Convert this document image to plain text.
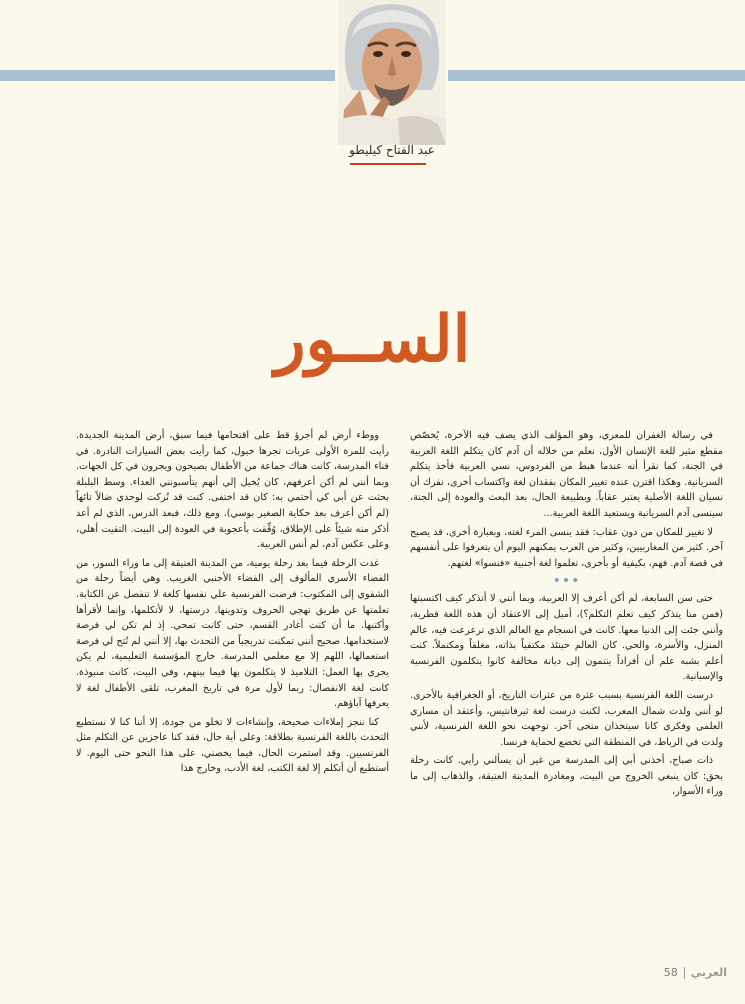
عبد الفتاح كيليطو
الســور

في رسالة الغفران للمعري، وهو المؤلف الذي يصف فيه الآخرة، يُخصّص مقطع مثير للغة الإنسان الأول، نعلم من خلاله أن آدم كان يتكلم اللغة العربية في الجنة، كما نقرأ أنه عندما هبط من الفردوس، نسي العربية فأخذ يتكلم السريانية. وهكذا اقترن عنده تغيير المكان بفقدان لغة واكتساب أخرى، نفرك أن نسيان اللغة الأصلية يعتبر عقاباً. وبطبيعة الحال، بعد البعث والعودة إلى الجنة، سينسى آدم السريانية ويستعيد اللغة العربية...

لا تغيير للمكان من دون عقاب: فقد ينسى المرء لغته، وبعبارة أخرى، قد يصبح آخر. كثير من المغاربيين، وكثير من العرب يمكنهم اليوم أن يتعرفوا على أنفسهم في قصة آدم. فهم، بكيفية أو بأخرى، تعلموا لغة أجنبية «فنسوا» لغتهم.

•••

حتى سن السابعة، لم أكن أعرف إلا العربية، وبما أنني لا أتذكر كيف اكتسبتها (فمن منا يتذكر كيف تعلم التكلم؟)، أميل إلى الاعتقاد أن هذه اللغة فطرية، وأنني جئت إلى الدنيا معها. كانت في انسجام مع العالم الذي ترعرعت فيه، عالم المنزل، والأسرة، والحي. كان العالم حينئذ مكتفياً بذاته، مغلقاً ومكتملاً. كنت أعلم بشبه علم أن أفراداً ينتمون إلى ديانة مخالفة كانوا يتكلمون الفرنسية والإسبانية.

درست اللغة الفرنسية بسبب عثرة من عثرات التاريخ، أو الجغرافية بالأحرى. لو أنني ولدت شمال المغرب، لكنت درست لغة ثيرفانتيس، وأعتقد أن مساري العلمي وفكري كانا سيتخذان منحى آخر. توجهت نحو اللغة الفرنسية، لأنني ولدت في الرباط، في المنطقة التي تخضع لحماية فرنسا.

ذات صباح، أخذني أبي إلى المدرسة من غير أن يسألني رأيي. كانت رحلة بحق: كان ينبغي الخروج من البيت، ومغادرة المدينة العتيقة، والذهاب إلى ما وراء الأسوار،

ووطء أرض لم أجرؤ قط على اقتحامها فيما سبق، أرض المدينة الجديدة. رأيت للمرة الأولى عربات تجرها خيول، كما رأيت بعض السيارات النادرة. في فناء المدرسة، كانت هناك جماعة من الأطفال يصيحون ويجرون في كل الجهات. وبما أنني لم أكن أعرفهم، كان يُخيل إلي أنهم يتأسبونني العداء. وسط البلبلة بحثت عن أبي كي أحتمي به: كان قد اختفى. كنت قد تُركت لوحدي ضالاً تائهاً (لم أكن أعرف بعد حكاية الصغير بوسي). ومع ذلك، فبعد الدرس، الذي لم أعد أذكر منه شيئاً على الإطلاق، وُفِّقت بأعجوبة في العودة إلى البيت. التقيت أهلي، وعلى عكس آدم، لم أنس العربية.

غدت الرحلة فيما بعد رحلة يومية، من المدينة العتيقة إلى ما وراء السور، من الفضاء الأسري المألوف إلى الفضاء الأجنبي الغريب. وهي أيضاً رحلة من الشفوي إلى المكتوب: فرضت الفرنسية علي نفسها كلغة لا تنفصل عن الكتابة. تعلمتها عن طريق تهجي الحروف وتدوينها. درستها، لا لأتكلمها، وإنما لأقرأها وأكتبها. ما أن كنت أغادر القسم، حتى كانت تمحي. إذ لم تكن لي فرصة لاستخدامها. صحيح أنني تمكنت تدريجياً من التحدث بها، إلا أنني لم تُتح لي فرصة استعمالها، اللهم إلا مع معلمي المدرسة. خارج المؤسسة التعليمية، لم يكن يجري بها العمل: التلاميذ لا يتكلمون بها فيما بينهم، وفي البيت، كانت منبوذة. كانت لغة الانفصال: ربما لأول مرة في تاريخ المغرب، تلقى الأطفال لغة لا يعرفها آباؤهم.

كنا ننجز إملاءات صحيحة، وإنشاءات لا تخلو من جودة، إلا أننا كنا لا نستطيع التحدث باللغة الفرنسية بطلاقة: وعلى أية حال، فقد كنا عاجزين عن التكلم مثل الفرنسيين. وقد استمرت الحال، فيما يخصني، على هذا النحو حتى اليوم. لا أستطيع أن أتكلم إلا لغة الكتب، لغة الأدب، وخارج هذا

العربي
58
